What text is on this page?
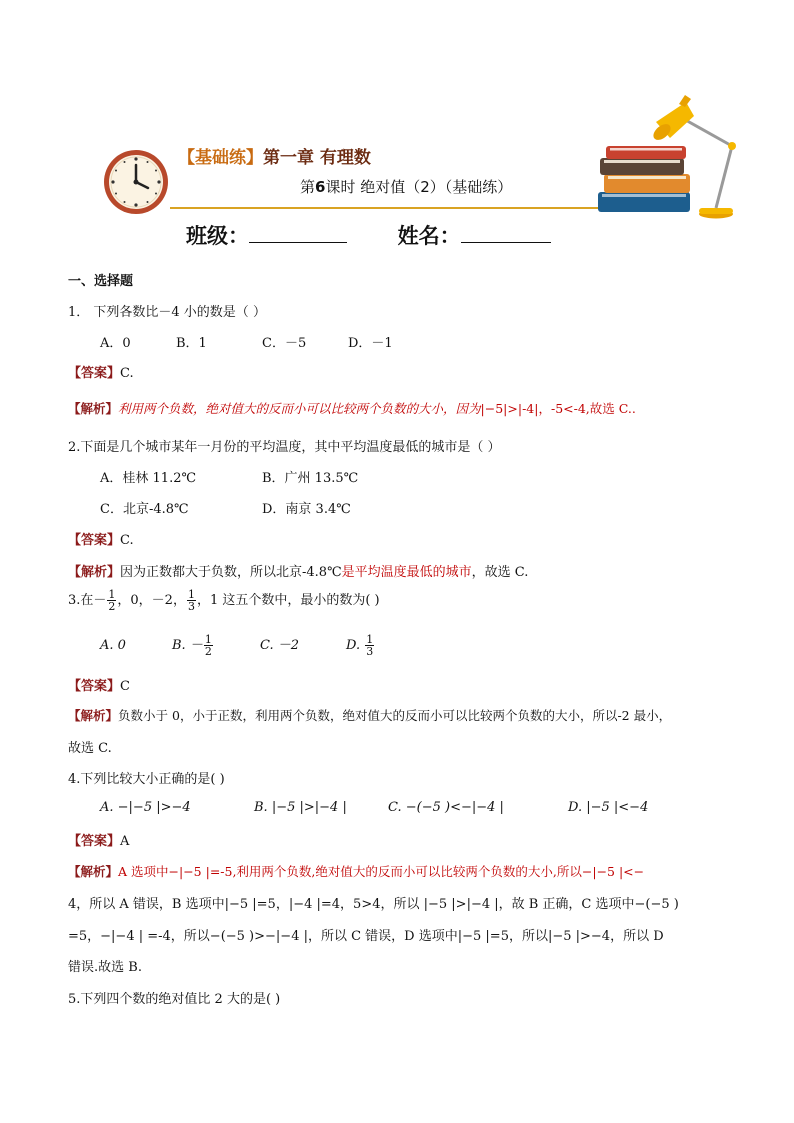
【基础练】第一章 有理数
第6课时 绝对值（2）（基础练）
班级：	姓名：
一、选择题
1． 下列各数比－4 小的数是（ ）
A．0	B．1	C．－5	D．－1
【答案】C.
【解析】利用两个负数，绝对值大的反而小可以比较两个负数的大小，因为|−5|>|-4|，-5<-4,故选 C..
2.下面是几个城市某年一月份的平均温度，其中平均温度最低的城市是（ ）
A．桂林 11.2℃	B．广州 13.5℃
C．北京-4.8℃	D．南京 3.4℃
【答案】C.
【解析】因为正数都大于负数，所以北京-4.8℃是平均温度最低的城市，故选 C.
3.在－ $\frac{1}{2}$ ，0，－2， $\frac{1}{3}$ ，1 这五个数中，最小的数为( )
A. 0	B. － $\frac{1}{2}$	C. －2	D. $\frac{1}{3}$
【答案】C
【解析】负数小于 0，小于正数，利用两个负数，绝对值大的反而小可以比较两个负数的大小，所以-2 最小，
故选 C.
4.下列比较大小正确的是( )
A. −|−5 |>−4	B. |−5 |>|−4 |	C. −(−5 )<−|−4 |	D. |−5 |<−4
【答案】A
【解析】A 选项中−|−5 |=-5,利用两个负数,绝对值大的反而小可以比较两个负数的大小,所以−|−5 |<−
4，所以 A 错误，B 选项中|−5 |=5，|−4 |=4，5>4，所以 |−5 |>|−4 |，故 B 正确，C 选项中−(−5 )
=5，−|−4 | =-4，所以−(−5 )>−|−4 |，所以 C 错误，D 选项中|−5 |=5，所以|−5 |>−4，所以 D
错误.故选 B.
5.下列四个数的绝对值比 2 大的是( )
